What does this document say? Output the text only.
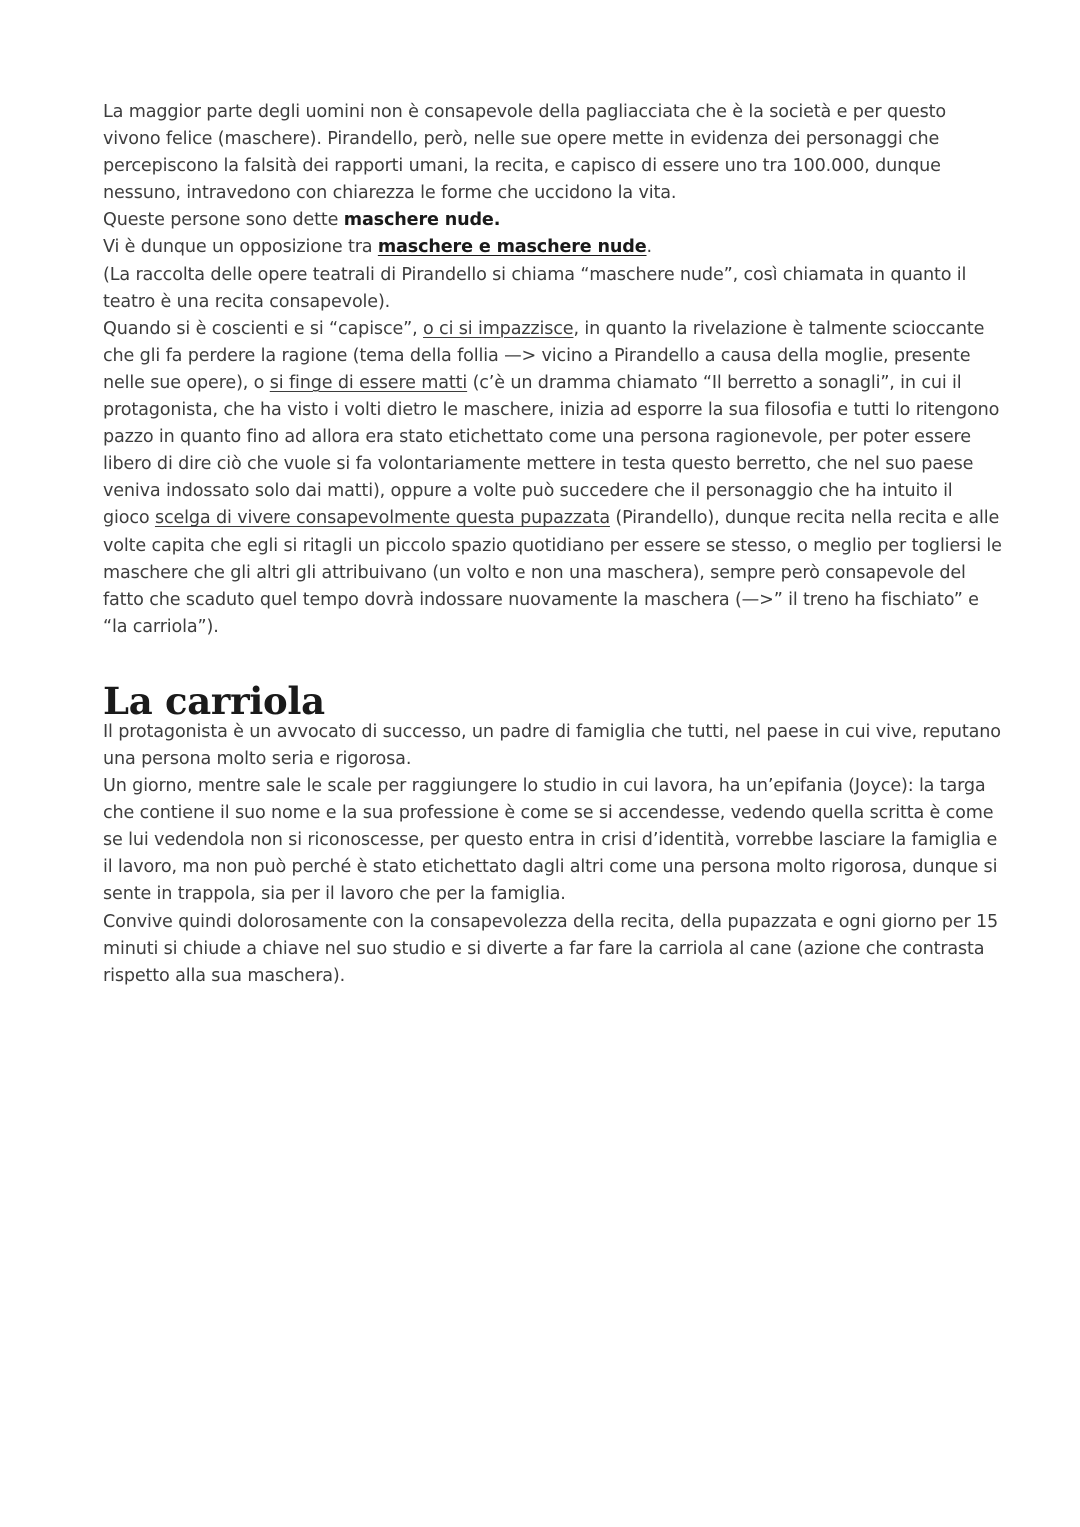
La maggior parte degli uomini non è consapevole della pagliacciata che è la società e per questo vivono felice (maschere). Pirandello, però, nelle sue opere mette in evidenza dei personaggi che percepiscono la falsità dei rapporti umani, la recita, e capisco di essere uno tra 100.000, dunque nessuno, intravedono con chiarezza le forme che uccidono la vita.

Queste persone sono dette maschere nude.

Vi è dunque un opposizione tra maschere e maschere nude.

(La raccolta delle opere teatrali di Pirandello si chiama “maschere nude”, così chiamata in quanto il teatro è una recita consapevole).

Quando si è coscienti e si “capisce”, o ci si impazzisce, in quanto la rivelazione è talmente scioccante che gli fa perdere la ragione (tema della follia —> vicino a Pirandello a causa della moglie, presente nelle sue opere), o si finge di essere matti (c’è un dramma chiamato “Il berretto a sonagli”, in cui il protagonista, che ha visto i volti dietro le maschere, inizia ad esporre la sua filosofia e tutti lo ritengono pazzo in quanto fino ad allora era stato etichettato come una persona ragionevole, per poter essere libero di dire ciò che vuole si fa volontariamente mettere in testa questo berretto, che nel suo paese veniva indossato solo dai matti), oppure a volte può succedere che il personaggio che ha intuito il gioco scelga di vivere consapevolmente questa pupazzata (Pirandello), dunque recita nella recita e alle volte capita che egli si ritagli un piccolo spazio quotidiano per essere se stesso, o meglio per togliersi le maschere che gli altri gli attribuivano (un volto e non una maschera), sempre però consapevole del fatto che scaduto quel tempo dovrà indossare nuovamente la maschera (—>” il treno ha fischiato” e “la carriola”).

La carriola

Il protagonista è un avvocato di successo, un padre di famiglia che tutti, nel paese in cui vive, reputano una persona molto seria e rigorosa.

Un giorno, mentre sale le scale per raggiungere lo studio in cui lavora, ha un’epifania (Joyce): la targa che contiene il suo nome e la sua professione è come se si accendesse, vedendo quella scritta è come se lui vedendola non si riconoscesse, per questo entra in crisi d’identità, vorrebbe lasciare la famiglia e il lavoro, ma non può perché è stato etichettato dagli altri come una persona molto rigorosa, dunque si sente in trappola, sia per il lavoro che per la famiglia.

Convive quindi dolorosamente con la consapevolezza della recita, della pupazzata e ogni giorno per 15 minuti si chiude a chiave nel suo studio e si diverte a far fare la carriola al cane (azione che contrasta rispetto alla sua maschera).
